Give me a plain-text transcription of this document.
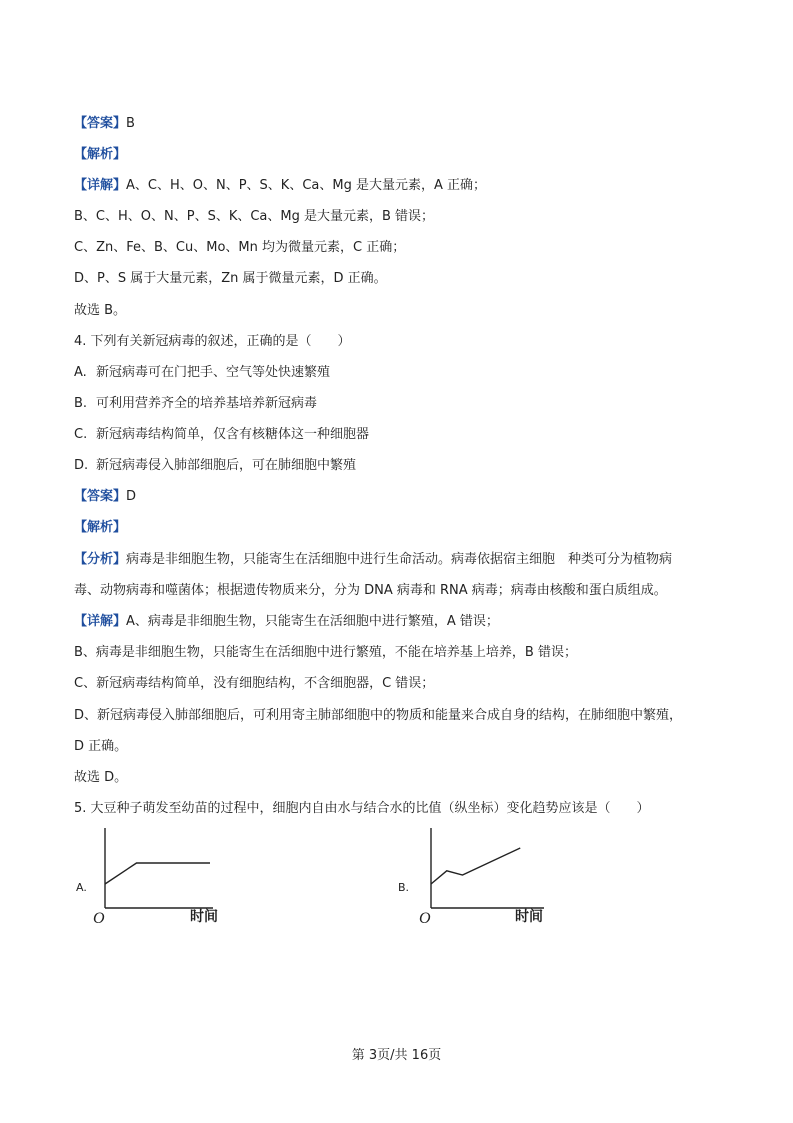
【答案】B
【解析】
【详解】A、C、H、O、N、P、S、K、Ca、Mg 是大量元素，A 正确；
B、C、H、O、N、P、S、K、Ca、Mg 是大量元素，B 错误；
C、Zn、Fe、B、Cu、Mo、Mn 均为微量元素，C 正确；
D、P、S 属于大量元素，Zn 属于微量元素，D 正确。
故选 B。
4. 下列有关新冠病毒的叙述，正确的是（　　）
A. 新冠病毒可在门把手、空气等处快速繁殖
B. 可利用营养齐全的培养基培养新冠病毒
C. 新冠病毒结构简单，仅含有核糖体这一种细胞器
D. 新冠病毒侵入肺部细胞后，可在肺细胞中繁殖
【答案】D
【解析】
【分析】病毒是非细胞生物，只能寄生在活细胞中进行生命活动。病毒依据宿主细胞　种类可分为植物病
毒、动物病毒和噬菌体；根据遗传物质来分，分为 DNA 病毒和 RNA 病毒；病毒由核酸和蛋白质组成。
【详解】A、病毒是非细胞生物，只能寄生在活细胞中进行繁殖，A 错误；
B、病毒是非细胞生物，只能寄生在活细胞中进行繁殖，不能在培养基上培养，B 错误；
C、新冠病毒结构简单，没有细胞结构，不含细胞器，C 错误；
D、新冠病毒侵入肺部细胞后，可利用寄主肺部细胞中的物质和能量来合成自身的结构，在肺细胞中繁殖，
D 正确。
故选 D。
5. 大豆种子萌发至幼苗的过程中，细胞内自由水与结合水的比值（纵坐标）变化趋势应该是（　　）
A.
O	时间
B.
O	时间
第 3页/共 16页
